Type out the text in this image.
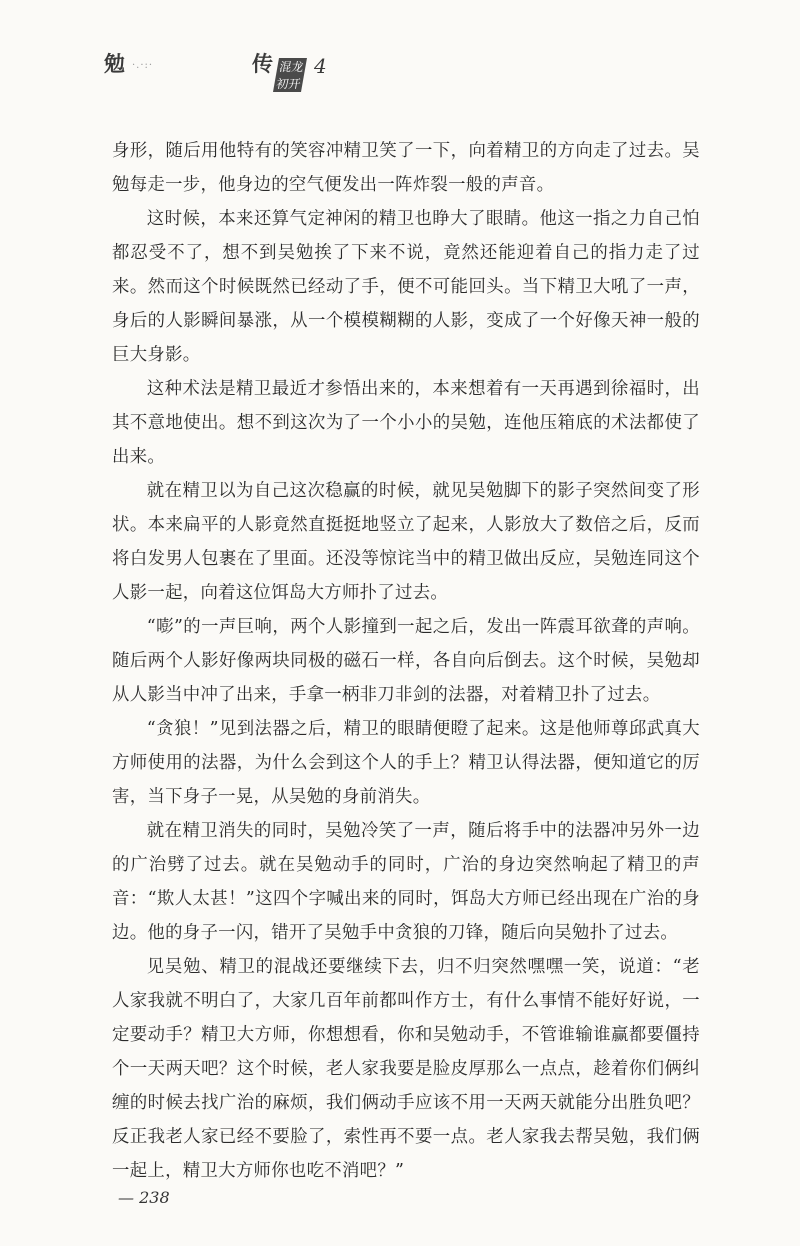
勉 ·.·:·	传 混龙初开
4

身形，随后用他特有的笑容冲精卫笑了一下，向着精卫的方向走了过去。吴勉每走一步，他身边的空气便发出一阵炸裂一般的声音。

这时候，本来还算气定神闲的精卫也睁大了眼睛。他这一指之力自己怕都忍受不了，想不到吴勉挨了下来不说，竟然还能迎着自己的指力走了过来。然而这个时候既然已经动了手，便不可能回头。当下精卫大吼了一声，身后的人影瞬间暴涨，从一个模模糊糊的人影，变成了一个好像天神一般的巨大身影。

这种术法是精卫最近才参悟出来的，本来想着有一天再遇到徐福时，出其不意地使出。想不到这次为了一个小小的吴勉，连他压箱底的术法都使了出来。

就在精卫以为自己这次稳赢的时候，就见吴勉脚下的影子突然间变了形状。本来扁平的人影竟然直挺挺地竖立了起来，人影放大了数倍之后，反而将白发男人包裹在了里面。还没等惊诧当中的精卫做出反应，吴勉连同这个人影一起，向着这位饵岛大方师扑了过去。

“嘭”的一声巨响，两个人影撞到一起之后，发出一阵震耳欲聋的声响。随后两个人影好像两块同极的磁石一样，各自向后倒去。这个时候，吴勉却从人影当中冲了出来，手拿一柄非刀非剑的法器，对着精卫扑了过去。

“贪狼！”见到法器之后，精卫的眼睛便瞪了起来。这是他师尊邱武真大方师使用的法器，为什么会到这个人的手上？精卫认得法器，便知道它的厉害，当下身子一晃，从吴勉的身前消失。

就在精卫消失的同时，吴勉冷笑了一声，随后将手中的法器冲另外一边的广治劈了过去。就在吴勉动手的同时，广治的身边突然响起了精卫的声音：“欺人太甚！”这四个字喊出来的同时，饵岛大方师已经出现在广治的身边。他的身子一闪，错开了吴勉手中贪狼的刀锋，随后向吴勉扑了过去。

见吴勉、精卫的混战还要继续下去，归不归突然嘿嘿一笑，说道：“老人家我就不明白了，大家几百年前都叫作方士，有什么事情不能好好说，一定要动手？精卫大方师，你想想看，你和吴勉动手，不管谁输谁赢都要僵持个一天两天吧？这个时候，老人家我要是脸皮厚那么一点点，趁着你们俩纠缠的时候去找广治的麻烦，我们俩动手应该不用一天两天就能分出胜负吧？反正我老人家已经不要脸了，索性再不要一点。老人家我去帮吴勉，我们俩一起上，精卫大方师你也吃不消吧？”

— 238
